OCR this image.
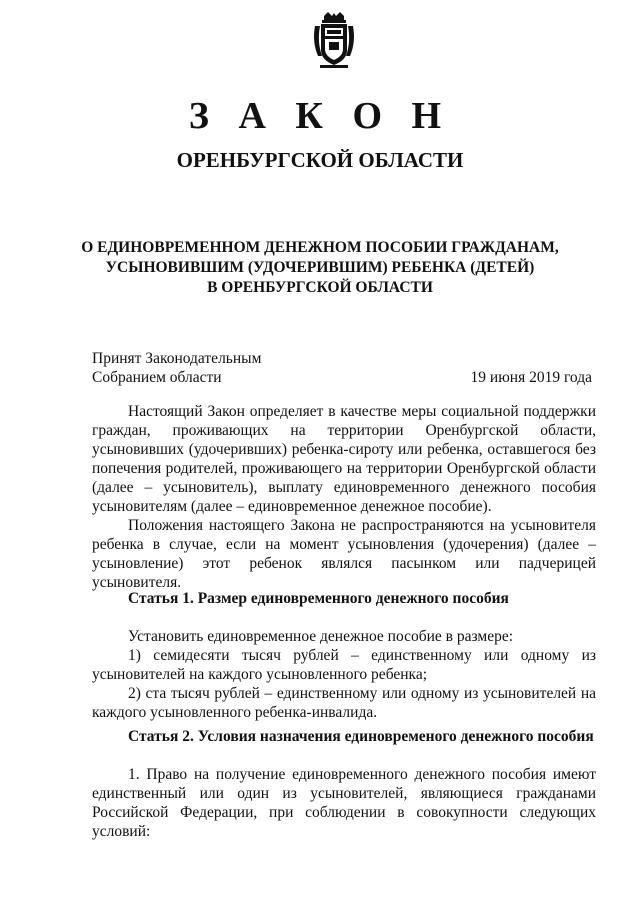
З А К О Н
ОРЕНБУРГСКОЙ ОБЛАСТИ
О ЕДИНОВРЕМЕННОМ ДЕНЕЖНОМ ПОСОБИИ ГРАЖДАНАМ,
УСЫНОВИВШИМ (УДОЧЕРИВШИМ) РЕБЕНКА (ДЕТЕЙ)
В ОРЕНБУРГСКОЙ ОБЛАСТИ
Принят Законодательным
Собранием области	19 июня 2019 года

Настоящий Закон определяет в качестве меры социальной поддержки граждан, проживающих на территории Оренбургской области, усыновивших (удочеривших) ребенка-сироту или ребенка, оставшегося без попечения родителей, проживающего на территории Оренбургской области (далее – усыновитель), выплату единовременного денежного пособия усыновителям (далее – единовременное денежное пособие).

Положения настоящего Закона не распространяются на усыновителя ребенка в случае, если на момент усыновления (удочерения) (далее – усыновление) этот ребенок являлся пасынком или падчерицей усыновителя.

Статья 1. Размер единовременного денежного пособия

Установить единовременное денежное пособие в размере:

1) семидесяти тысяч рублей – единственному или одному из усыновителей на каждого усыновленного ребенка;

2) ста тысяч рублей – единственному или одному из усыновителей на каждого усыновленного ребенка-инвалида.

Статья 2. Условия назначения единовременого денежного пособия

1. Право на получение единовременного денежного пособия имеют единственный или один из усыновителей, являющиеся гражданами Российской Федерации, при соблюдении в совокупности следующих условий:
